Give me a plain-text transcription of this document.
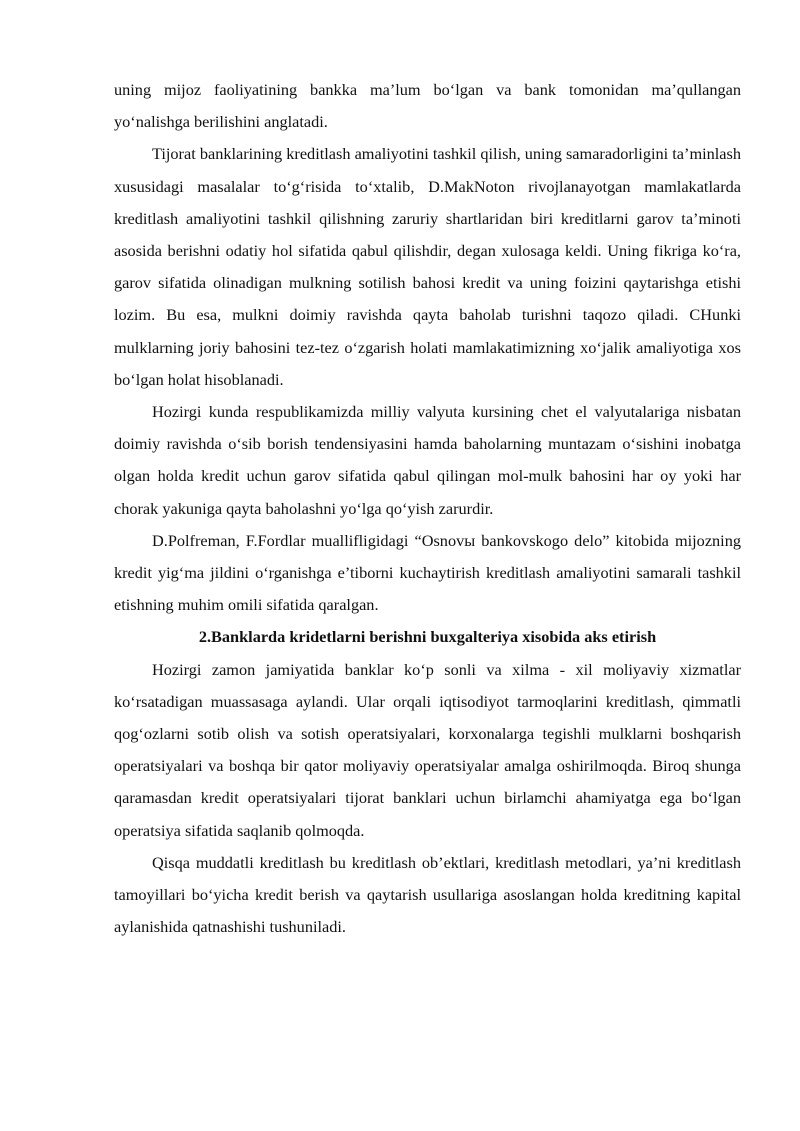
uning mijoz faoliyatining bankka ma’lum bo‘lgan va bank tomonidan ma’qullangan yo‘nalishga berilishini anglatadi.

Tijorat banklarining kreditlash amaliyotini tashkil qilish, uning samaradorligini ta’minlash xususidagi masalalar to‘g‘risida to‘xtalib, D.MakNoton rivojlanayotgan mamlakatlarda kreditlash amaliyotini tashkil qilishning zaruriy shartlaridan biri kreditlarni garov ta’minoti asosida berishni odatiy hol sifatida qabul qilishdir, degan xulosaga keldi. Uning fikriga ko‘ra, garov sifatida olinadigan mulkning sotilish bahosi kredit va uning foizini qaytarishga etishi lozim. Bu esa, mulkni doimiy ravishda qayta baholab turishni taqozo qiladi. CHunki mulklarning joriy bahosini tez-tez o‘zgarish holati mamlakatimizning xo‘jalik amaliyotiga xos bo‘lgan holat hisoblanadi.

Hozirgi kunda respublikamizda milliy valyuta kursining chet el valyutalariga nisbatan doimiy ravishda o‘sib borish tendensiyasini hamda baholarning muntazam o‘sishini inobatga olgan holda kredit uchun garov sifatida qabul qilingan mol-mulk bahosini har oy yoki har chorak yakuniga qayta baholashni yo‘lga qo‘yish zarurdir.

D.Polfreman, F.Fordlar muallifligidagi “Osnovы bankovskogo delo” kitobida mijozning kredit yig‘ma jildini o‘rganishga e’tiborni kuchaytirish kreditlash amaliyotini samarali tashkil etishning muhim omili sifatida qaralgan.

2.Banklarda kridetlarni berishni buxgalteriya xisobida aks etirish

Hozirgi zamon jamiyatida banklar ko‘p sonli va xilma - xil moliyaviy xizmatlar ko‘rsatadigan muassasaga aylandi. Ular orqali iqtisodiyot tarmoqlarini kreditlash, qimmatli qog‘ozlarni sotib olish va sotish operatsiyalari, korxonalarga tegishli mulklarni boshqarish operatsiyalari va boshqa bir qator moliyaviy operatsiyalar amalga oshirilmoqda. Biroq shunga qaramasdan kredit operatsiyalari tijorat banklari uchun birlamchi ahamiyatga ega bo‘lgan operatsiya sifatida saqlanib qolmoqda.

Qisqa muddatli kreditlash bu kreditlash ob’ektlari, kreditlash metodlari, ya’ni kreditlash tamoyillari bo‘yicha kredit berish va qaytarish usullariga asoslangan holda kreditning kapital aylanishida qatnashishi tushuniladi.
